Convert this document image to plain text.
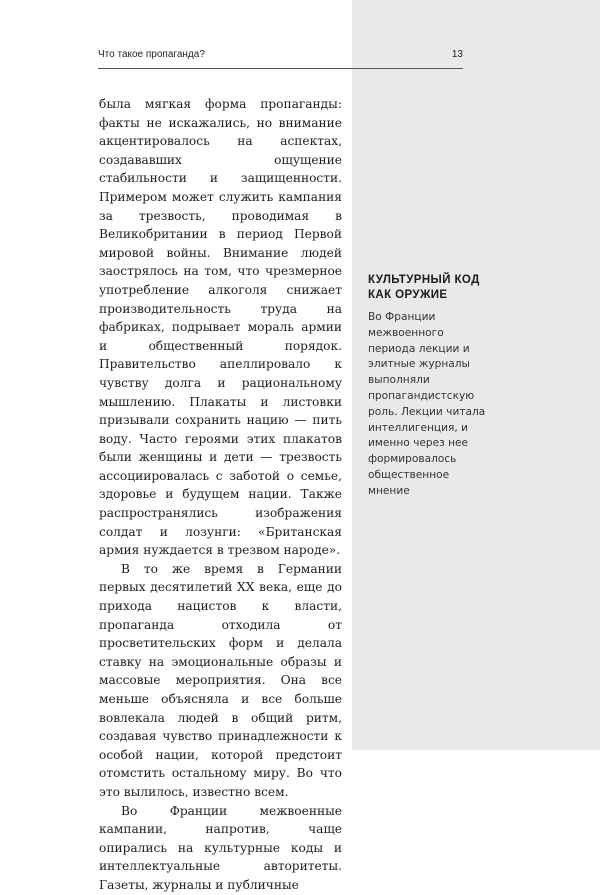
Что такое пропаганда?	13

была мягкая форма пропаганды: факты не искажались, но внимание акцентировалось на аспектах, создававших ощущение стабильности и защищенности. Примером может служить кампания за трезвость, проводимая в Великобритании в период Первой мировой войны. Внимание людей заострялось на том, что чрезмерное употребление алкоголя снижает производительность труда на фабриках, подрывает мораль армии и общественный порядок. Правительство апеллировало к чувству долга и рациональному мышлению. Плакаты и листовки призывали сохранить нацию — пить воду. Часто героями этих плакатов были женщины и дети — трезвость ассоциировалась с заботой о семье, здоровье и будущем нации. Также распространялись изображения солдат и лозунги: «Британская армия нуждается в трезвом народе».

В то же время в Германии первых десятилетий XX века, еще до прихода нацистов к власти, пропаганда отходила от просветительских форм и делала ставку на эмоциональные образы и массовые мероприятия. Она все меньше объясняла и все больше вовлекала людей в общий ритм, создавая чувство принадлежности к особой нации, которой предстоит отомстить остальному миру. Во что это вылилось, известно всем.

Во Франции межвоенные кампании, напротив, чаще опирались на культурные коды и интеллектуальные авторитеты. Газеты, журналы и публичные

КУЛЬТУРНЫЙ КОД КАК ОРУЖИЕ

Во Франции межвоенного периода лекции и элитные журналы выполняли пропагандистскую роль. Лекции читала интеллигенция, и именно через нее формировалось общественное мнение
